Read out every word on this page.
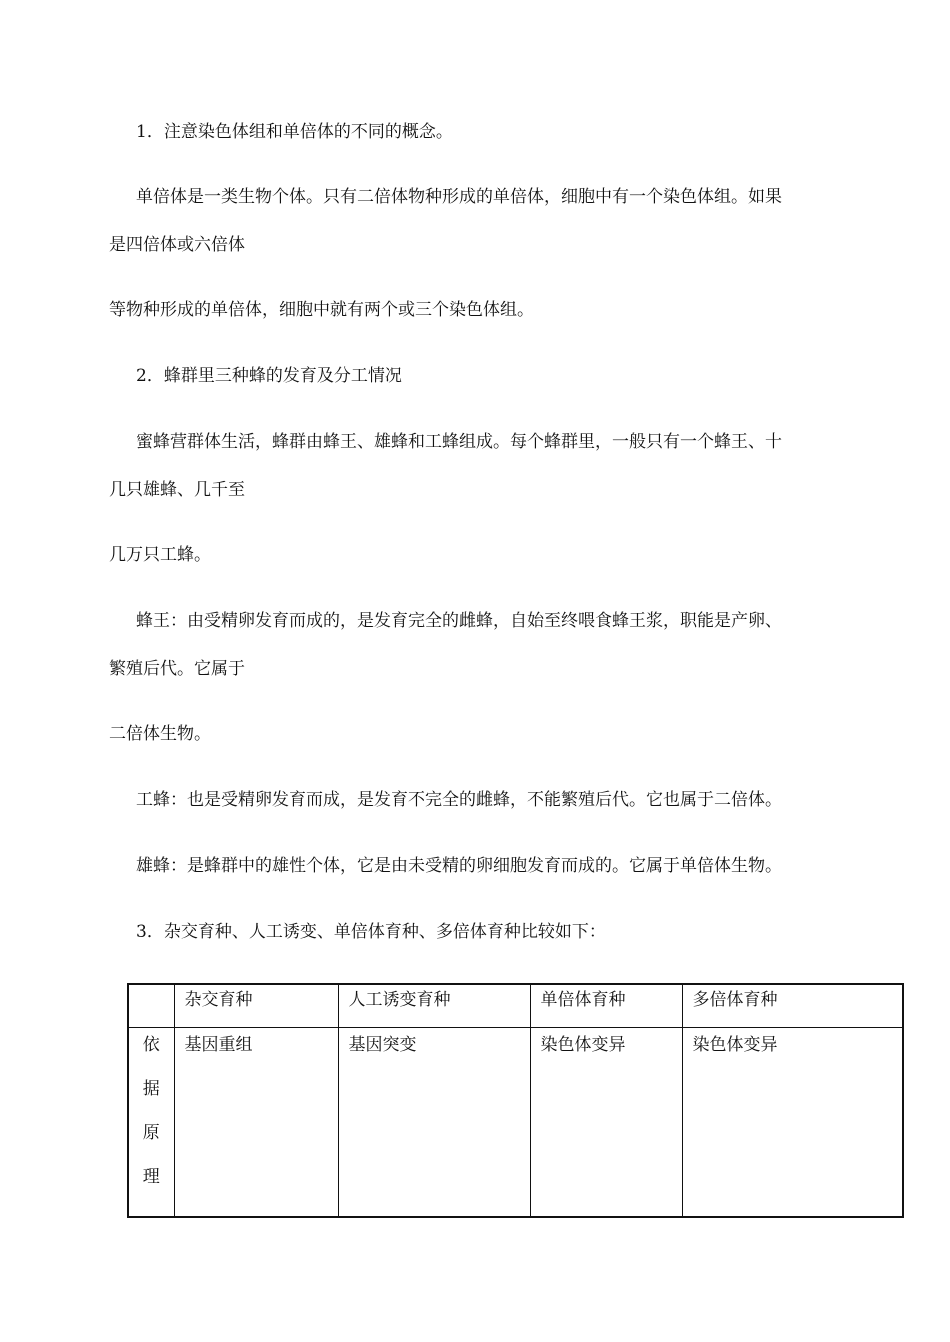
1．注意染色体组和单倍体的不同的概念。
单倍体是一类生物个体。只有二倍体物种形成的单倍体，细胞中有一个染色体组。如果
是四倍体或六倍体
等物种形成的单倍体，细胞中就有两个或三个染色体组。
2．蜂群里三种蜂的发育及分工情况
蜜蜂营群体生活，蜂群由蜂王、雄蜂和工蜂组成。每个蜂群里，一般只有一个蜂王、十
几只雄蜂、几千至
几万只工蜂。
蜂王：由受精卵发育而成的，是发育完全的雌蜂，自始至终喂食蜂王浆，职能是产卵、
繁殖后代。它属于
二倍体生物。
工蜂：也是受精卵发育而成，是发育不完全的雌蜂，不能繁殖后代。它也属于二倍体。
雄蜂：是蜂群中的雄性个体，它是由未受精的卵细胞发育而成的。它属于单倍体生物。
3．杂交育种、人工诱变、单倍体育种、多倍体育种比较如下：
	杂交育种	人工诱变育种	单倍体育种	多倍体育种

依
据
原
理	基因重组	基因突变	染色体变异	染色体变异
